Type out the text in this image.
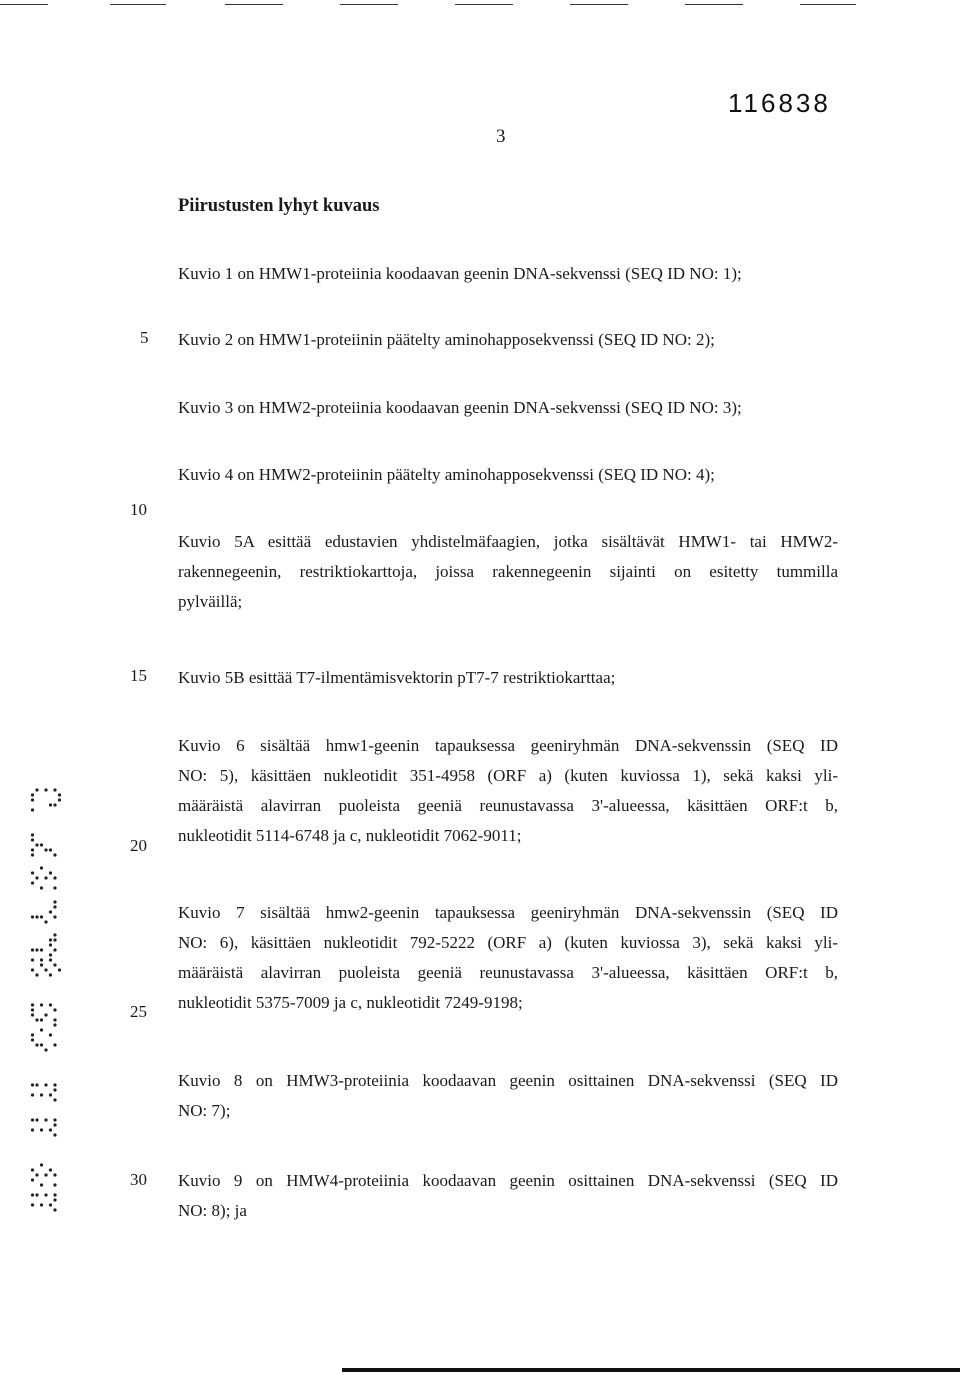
116838
3
Piirustusten lyhyt kuvaus
5
10
15
20
25
30
Kuvio 1 on HMW1-proteiinia koodaavan geenin DNA-sekvenssi (SEQ ID NO: 1);
Kuvio 2 on HMW1-proteiinin päätelty aminohapposekvenssi (SEQ ID NO: 2);
Kuvio 3 on HMW2-proteiinia koodaavan geenin DNA-sekvenssi (SEQ ID NO: 3);
Kuvio 4 on HMW2-proteiinin päätelty aminohapposekvenssi (SEQ ID NO: 4);
Kuvio 5A esittää edustavien yhdistelmäfaagien, jotka sisältävät HMW1- tai HMW2-
rakennegeenin, restriktiokarttoja, joissa rakennegeenin sijainti on esitetty tummilla
pylväillä;
Kuvio 5B esittää T7-ilmentämisvektorin pT7-7 restriktiokarttaa;
Kuvio 6 sisältää hmw1-geenin tapauksessa geeniryhmän DNA-sekvenssin (SEQ ID
NO: 5), käsittäen nukleotidit 351-4958 (ORF a) (kuten kuviossa 1), sekä kaksi yli-
määräistä alavirran puoleista geeniä reunustavassa 3'-alueessa, käsittäen ORF:t b,
nukleotidit 5114-6748 ja c, nukleotidit 7062-9011;
Kuvio 7 sisältää hmw2-geenin tapauksessa geeniryhmän DNA-sekvenssin (SEQ ID
NO: 6), käsittäen nukleotidit 792-5222 (ORF a) (kuten kuviossa 3), sekä kaksi yli-
määräistä alavirran puoleista geeniä reunustavassa 3'-alueessa, käsittäen ORF:t b,
nukleotidit 5375-7009 ja c, nukleotidit 7249-9198;
Kuvio 8 on HMW3-proteiinia koodaavan geenin osittainen DNA-sekvenssi (SEQ ID
NO: 7);
Kuvio 9 on HMW4-proteiinia koodaavan geenin osittainen DNA-sekvenssi (SEQ ID
NO: 8); ja
